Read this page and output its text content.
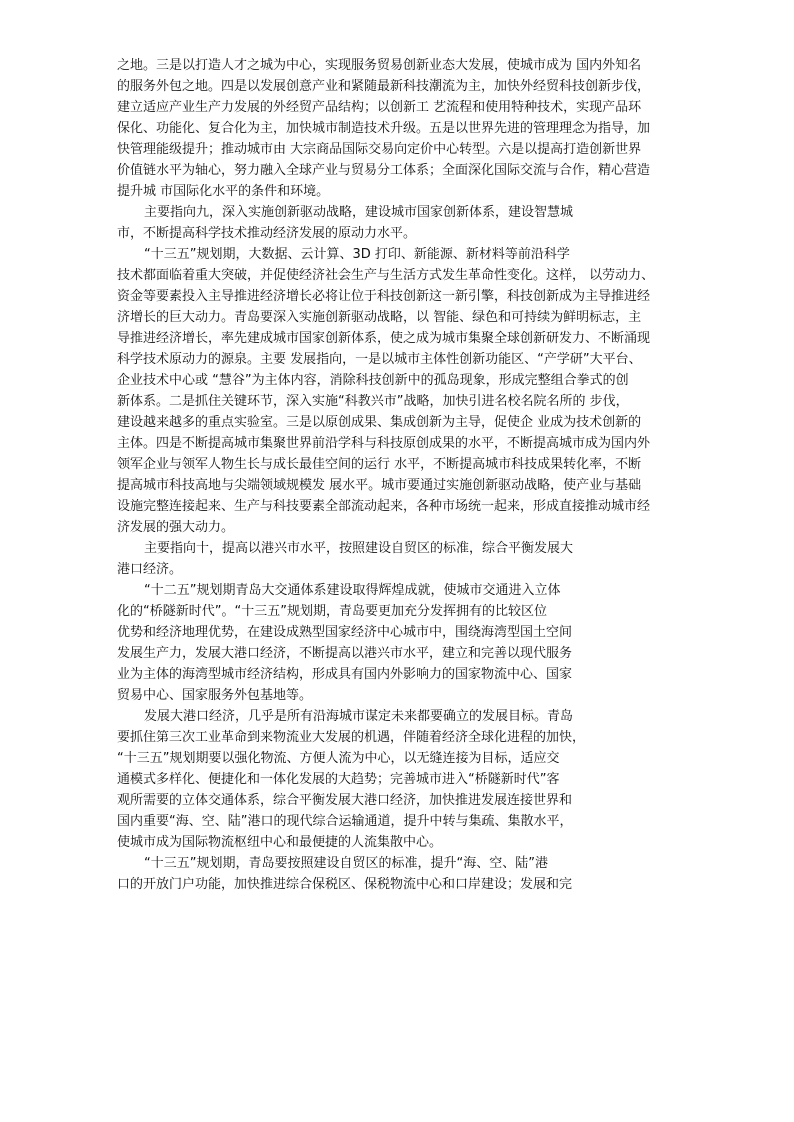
之地。三是以打造人才之城为中心，实现服务贸易创新业态大发展，使城市成为 国内外知名
的服务外包之地。四是以发展创意产业和紧随最新科技潮流为主，加快外经贸科技创新步伐，
建立适应产业生产力发展的外经贸产品结构；以创新工 艺流程和使用特种技术，实现产品环
保化、功能化、复合化为主，加快城市制造技术升级。五是以世界先进的管理理念为指导，加
快管理能级提升；推动城市由 大宗商品国际交易向定价中心转型。六是以提高打造创新世界
价值链水平为轴心，努力融入全球产业与贸易分工体系；全面深化国际交流与合作，精心营造
提升城 市国际化水平的条件和环境。
主要指向九，深入实施创新驱动战略，建设城市国家创新体系，建设智慧城
市，不断提高科学技术推动经济发展的原动力水平。
“十三五”规划期，大数据、云计算、3D 打印、新能源、新材料等前沿科学
技术都面临着重大突破，并促使经济社会生产与生活方式发生革命性变化。这样， 以劳动力、
资金等要素投入主导推进经济增长必将让位于科技创新这一新引擎，科技创新成为主导推进经
济增长的巨大动力。青岛要深入实施创新驱动战略，以 智能、绿色和可持续为鲜明标志，主
导推进经济增长，率先建成城市国家创新体系，使之成为城市集聚全球创新研发力、不断涌现
科学技术原动力的源泉。主要 发展指向，一是以城市主体性创新功能区、“产学研”大平台、
企业技术中心或 “慧谷”为主体内容，消除科技创新中的孤岛现象，形成完整组合拳式的创
新体系。二是抓住关键环节，深入实施“科教兴市”战略，加快引进名校名院名所的 步伐，
建设越来越多的重点实验室。三是以原创成果、集成创新为主导，促使企 业成为技术创新的
主体。四是不断提高城市集聚世界前沿学科与科技原创成果的水平，不断提高城市成为国内外
领军企业与领军人物生长与成长最佳空间的运行 水平，不断提高城市科技成果转化率，不断
提高城市科技高地与尖端领域规模发 展水平。城市要通过实施创新驱动战略，使产业与基础
设施完整连接起来、生产与科技要素全部流动起来，各种市场统一起来，形成直接推动城市经
济发展的强大动力。
主要指向十，提高以港兴市水平，按照建设自贸区的标准，综合平衡发展大
港口经济。
“十二五”规划期青岛大交通体系建设取得辉煌成就，使城市交通进入立体
化的“桥隧新时代”。“十三五”规划期，青岛要更加充分发挥拥有的比较区位
优势和经济地理优势，在建设成熟型国家经济中心城市中，围绕海湾型国土空间
发展生产力，发展大港口经济，不断提高以港兴市水平，建立和完善以现代服务
业为主体的海湾型城市经济结构，形成具有国内外影响力的国家物流中心、国家
贸易中心、国家服务外包基地等。
发展大港口经济，几乎是所有沿海城市谋定未来都要确立的发展目标。青岛
要抓住第三次工业革命到来物流业大发展的机遇，伴随着经济全球化进程的加快，
“十三五”规划期要以强化物流、方便人流为中心，以无缝连接为目标，适应交
通模式多样化、便捷化和一体化发展的大趋势；完善城市进入“桥隧新时代”客
观所需要的立体交通体系，综合平衡发展大港口经济，加快推进发展连接世界和
国内重要“海、空、陆”港口的现代综合运输通道，提升中转与集疏、集散水平，
使城市成为国际物流枢纽中心和最便捷的人流集散中心。
“十三五”规划期，青岛要按照建设自贸区的标准，提升“海、空、陆”港
口的开放门户功能，加快推进综合保税区、保税物流中心和口岸建设；发展和完
